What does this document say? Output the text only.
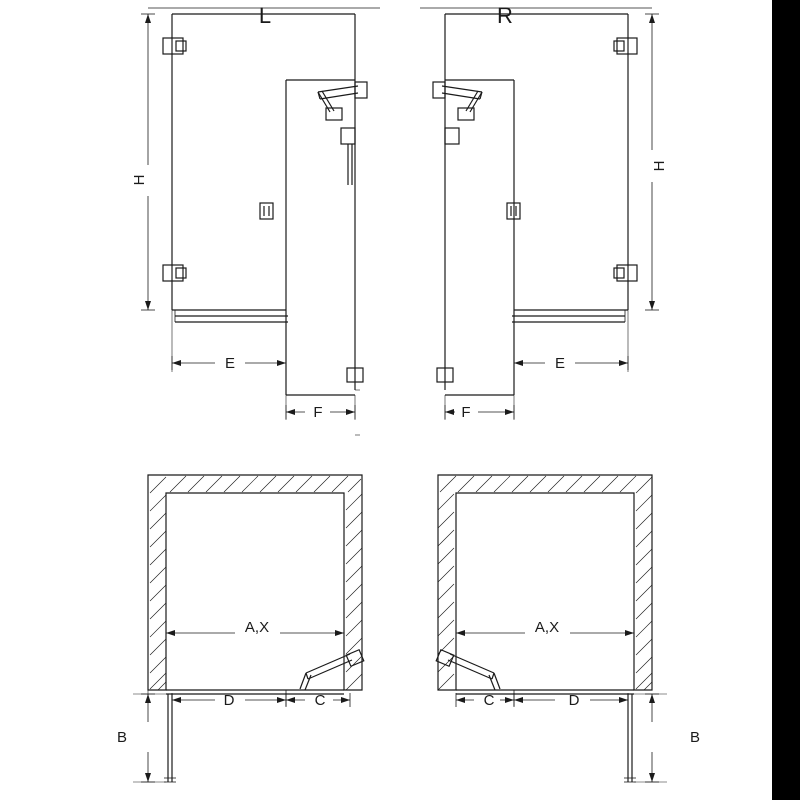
L	R
H
H
E
F
E
F
A,X	A,X
D	C	C	D
B	B
